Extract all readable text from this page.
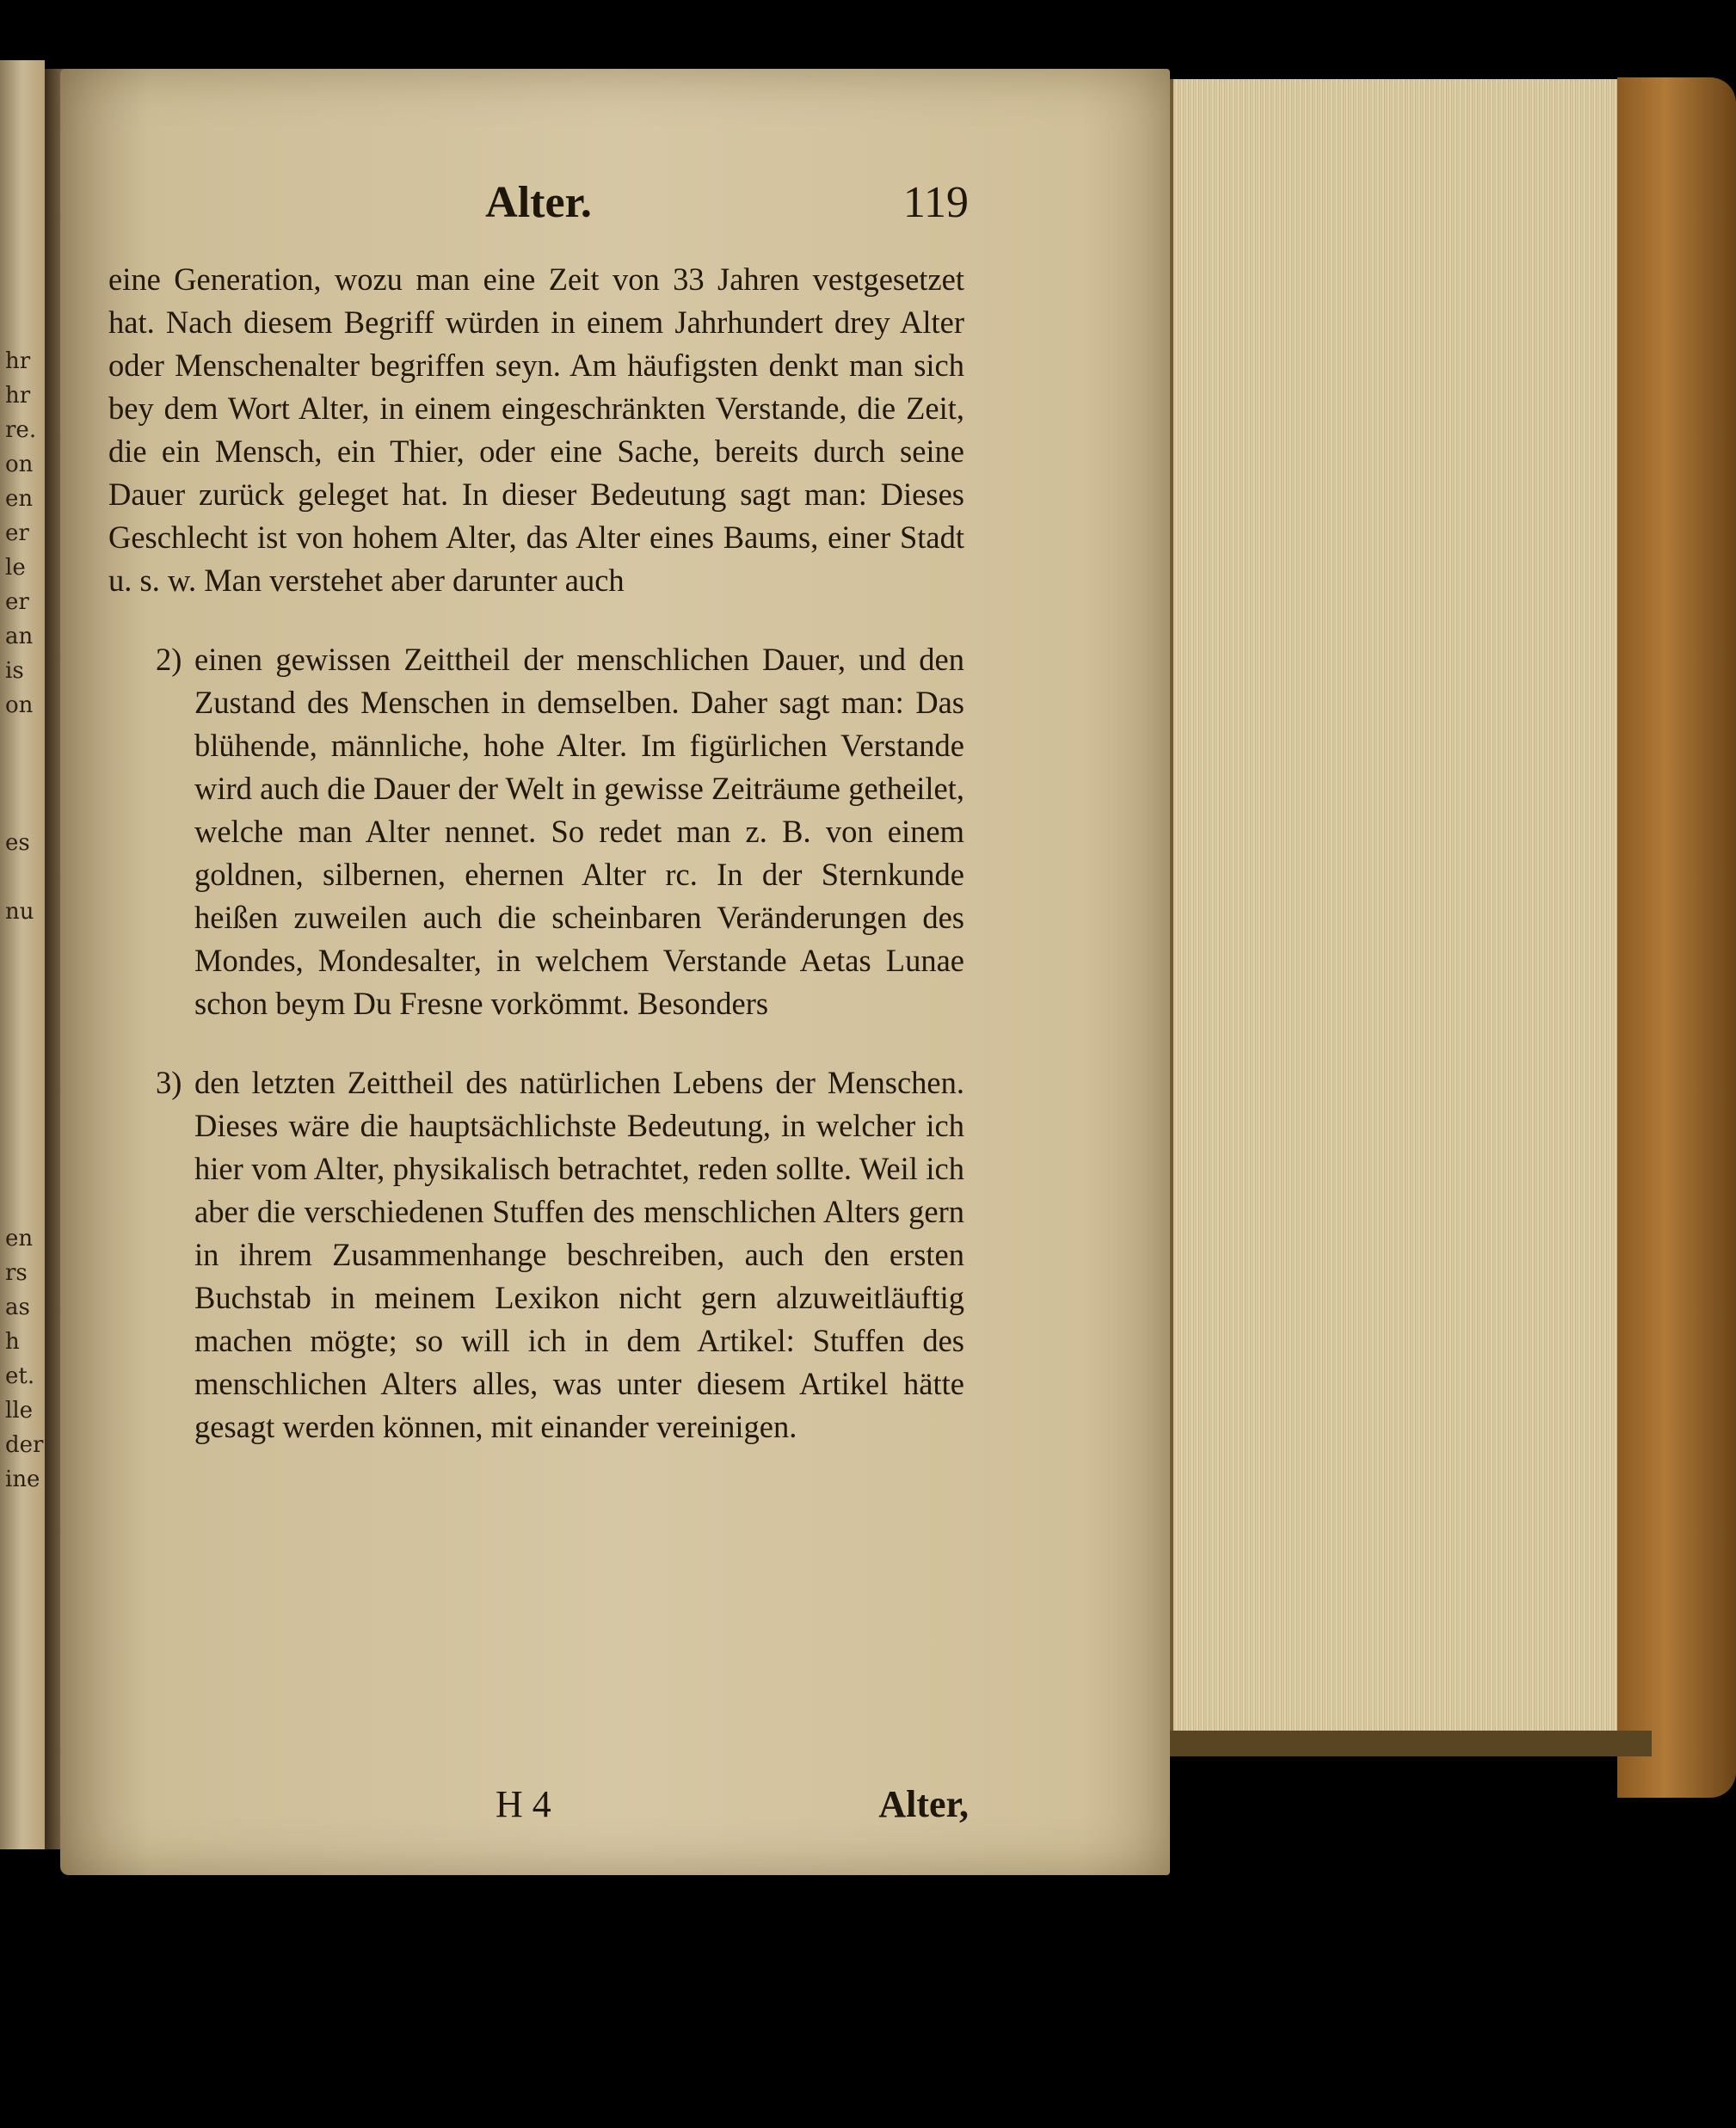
hr
hr
re.
on
en
er
le
er
an
is
on
es
nu
en
rs
as
h
et.
lle
der
ine
Alter.	119

eine Generation, wozu man eine Zeit von 33 Jahren vestgesetzet hat. Nach diesem Begriff würden in einem Jahrhundert drey Alter oder Menschenalter begriffen seyn. Am häufigsten denkt man sich bey dem Wort Alter, in einem eingeschränkten Verstande, die Zeit, die ein Mensch, ein Thier, oder eine Sache, bereits durch seine Dauer zurück geleget hat. In dieser Bedeutung sagt man: Dieses Geschlecht ist von hohem Alter, das Alter eines Baums, einer Stadt u. s. w. Man verstehet aber darunter auch

2) einen gewissen Zeittheil der menschlichen Dauer, und den Zustand des Menschen in demselben. Daher sagt man: Das blühende, männliche, hohe Alter. Im figürlichen Verstande wird auch die Dauer der Welt in gewisse Zeiträume getheilet, welche man Alter nennet. So redet man z. B. von einem goldnen, silbernen, ehernen Alter rc. In der Sternkunde heißen zuweilen auch die scheinbaren Veränderungen des Mondes, Mondesalter, in welchem Verstande Aetas Lunae schon beym Du Fresne vorkömmt. Besonders

3) den letzten Zeittheil des natürlichen Lebens der Menschen. Dieses wäre die hauptsächlichste Bedeutung, in welcher ich hier vom Alter, physikalisch betrachtet, reden sollte. Weil ich aber die verschiedenen Stuffen des menschlichen Alters gern in ihrem Zusammenhange beschreiben, auch den ersten Buchstab in meinem Lexikon nicht gern alzuweitläuftig machen mögte; so will ich in dem Artikel: Stuffen des menschlichen Alters alles, was unter diesem Artikel hätte gesagt werden können, mit einander vereinigen.

H 4	Alter,
